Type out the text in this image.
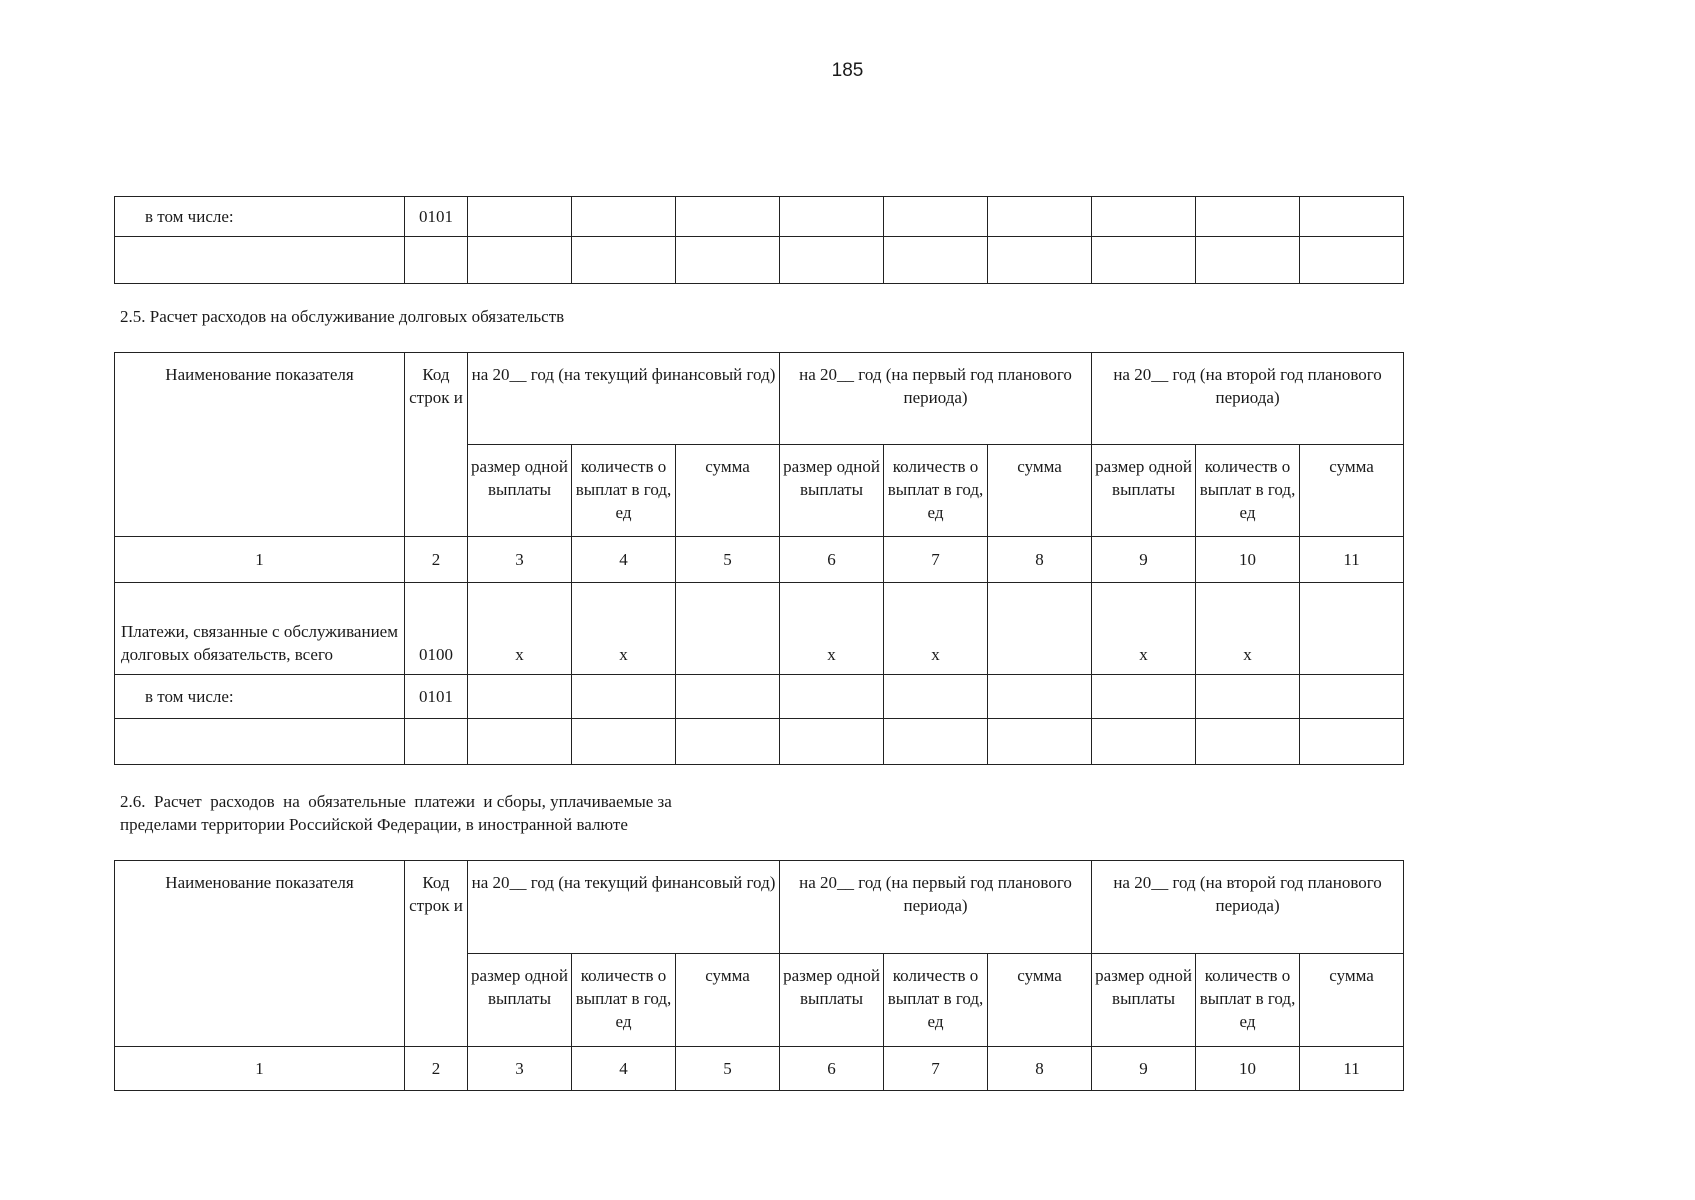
185
в том числе:	0101									

2.5. Расчет расходов на обслуживание долговых обязательств
Наименование показателя	Код строк и	на 20__ год (на текущий финансовый год)			на 20__ год (на первый год планового периода)			на 20__ год (на второй год планового периода)		
		размер одной выплаты	количеств о выплат в год, ед	сумма	размер одной выплаты	количеств о выплат в год, ед	сумма	размер одной выплаты	количеств о выплат в год, ед	сумма
1	2	3	4	5	6	7	8	9	10	11
Платежи, связанные с обслуживанием долговых обязательств, всего	0100	x	x		x	x		x	x	
в том числе:	0101									

2.6.  Расчет  расходов  на  обязательные  платежи  и сборы, уплачиваемые за
пределами территории Российской Федерации, в иностранной валюте
Наименование показателя	Код строк и	на 20__ год (на текущий финансовый год)			на 20__ год (на первый год планового периода)			на 20__ год (на второй год планового периода)		
		размер одной выплаты	количеств о выплат в год, ед	сумма	размер одной выплаты	количеств о выплат в год, ед	сумма	размер одной выплаты	количеств о выплат в год, ед	сумма
1	2	3	4	5	6	7	8	9	10	11
